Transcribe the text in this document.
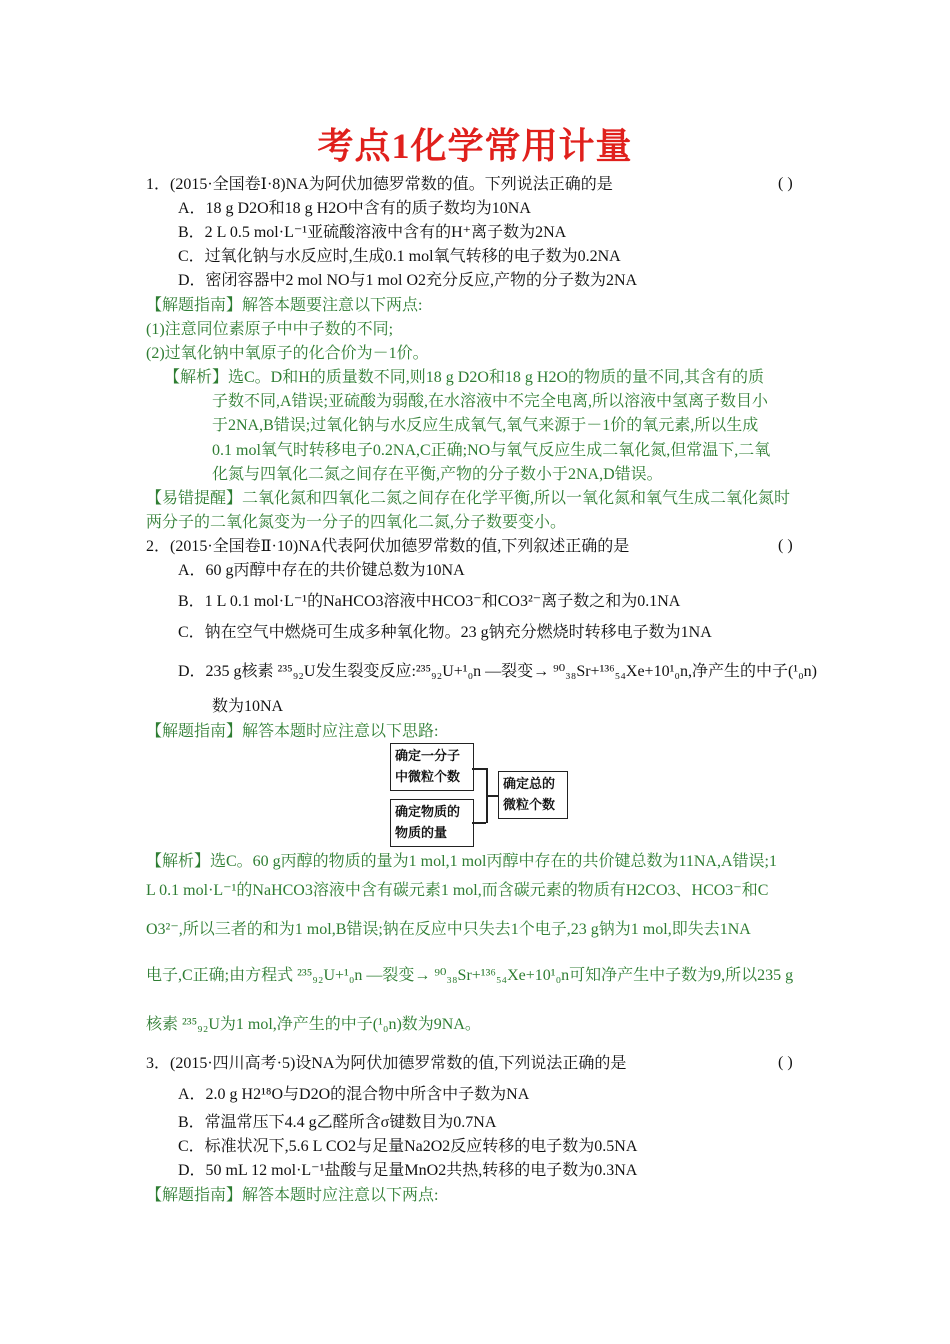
考点1化学常用计量
1．(2015·全国卷Ⅰ·8)NA为阿伏加德罗常数的值。下列说法正确的是	( )
A．18 g D2O和18 g H2O中含有的质子数均为10NA
B．2 L 0.5 mol·L⁻¹亚硫酸溶液中含有的H⁺离子数为2NA
C．过氧化钠与水反应时,生成0.1 mol氧气转移的电子数为0.2NA
D．密闭容器中2 mol NO与1 mol O2充分反应,产物的分子数为2NA
【解题指南】解答本题要注意以下两点:
(1)注意同位素原子中中子数的不同;
(2)过氧化钠中氧原子的化合价为－1价。
【解析】选C。D和H的质量数不同,则18 g D2O和18 g H2O的物质的量不同,其含有的质
子数不同,A错误;亚硫酸为弱酸,在水溶液中不完全电离,所以溶液中氢离子数目小
于2NA,B错误;过氧化钠与水反应生成氧气,氧气来源于－1价的氧元素,所以生成
0.1 mol氧气时转移电子0.2NA,C正确;NO与氧气反应生成二氧化氮,但常温下,二氧
化氮与四氧化二氮之间存在平衡,产物的分子数小于2NA,D错误。
【易错提醒】二氧化氮和四氧化二氮之间存在化学平衡,所以一氧化氮和氧气生成二氧化氮时
两分子的二氧化氮变为一分子的四氧化二氮,分子数要变小。
2．(2015·全国卷Ⅱ·10)NA代表阿伏加德罗常数的值,下列叙述正确的是	( )
A．60 g丙醇中存在的共价键总数为10NA
B．1 L 0.1 mol·L⁻¹的NaHCO3溶液中HCO3⁻和CO3²⁻离子数之和为0.1NA
C．钠在空气中燃烧可生成多种氧化物。23 g钠充分燃烧时转移电子数为1NA
D．235 g核素 ²³⁵₉₂U发生裂变反应:²³⁵₉₂U+¹₀n —裂变→ ⁹⁰₃₈Sr+¹³⁶₅₄Xe+10¹₀n,净产生的中子(¹₀n)
数为10NA
【解题指南】解答本题时应注意以下思路:
确定一分子中微粒个数
确定物质的物质的量
确定总的微粒个数
【解析】选C。60 g丙醇的物质的量为1 mol,1 mol丙醇中存在的共价键总数为11NA,A错误;1
L 0.1 mol·L⁻¹的NaHCO3溶液中含有碳元素1 mol,而含碳元素的物质有H2CO3、HCO3⁻和C
O3²⁻,所以三者的和为1 mol,B错误;钠在反应中只失去1个电子,23 g钠为1 mol,即失去1NA
电子,C正确;由方程式 ²³⁵₉₂U+¹₀n —裂变→ ⁹⁰₃₈Sr+¹³⁶₅₄Xe+10¹₀n可知净产生中子数为9,所以235 g
核素 ²³⁵₉₂U为1 mol,净产生的中子(¹₀n)数为9NA。
3．(2015·四川高考·5)设NA为阿伏加德罗常数的值,下列说法正确的是	( )
A．2.0 g H2¹⁸O与D2O的混合物中所含中子数为NA
B．常温常压下4.4 g乙醛所含σ键数目为0.7NA
C．标准状况下,5.6 L CO2与足量Na2O2反应转移的电子数为0.5NA
D．50 mL 12 mol·L⁻¹盐酸与足量MnO2共热,转移的电子数为0.3NA
【解题指南】解答本题时应注意以下两点:
